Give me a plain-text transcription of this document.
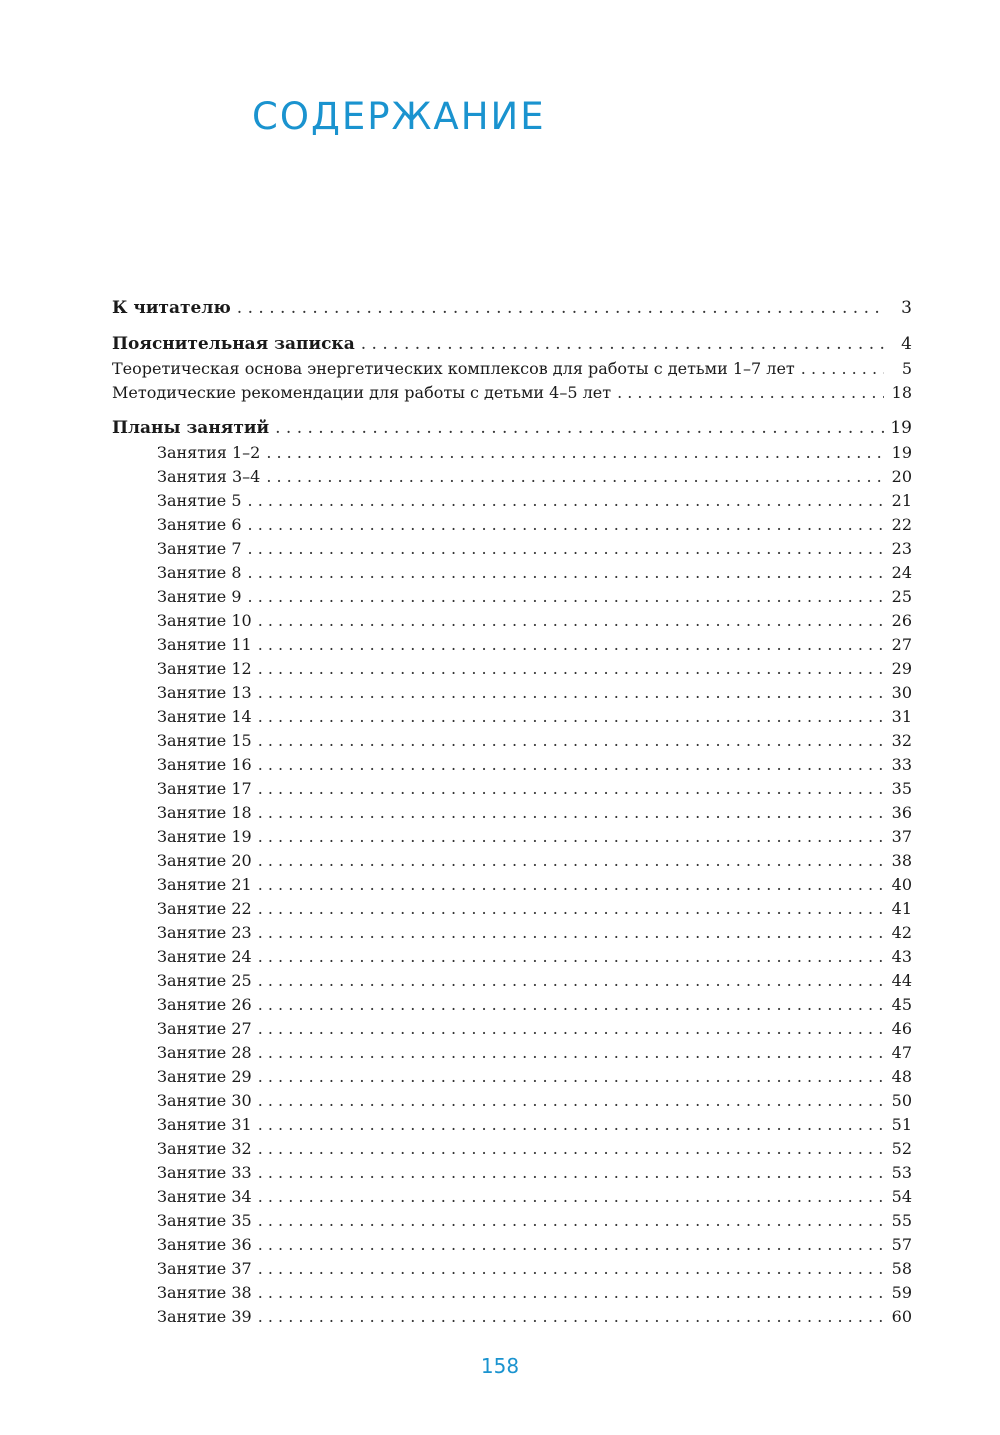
СОДЕРЖАНИЕ
К читателю . . .	3
Пояснительная записка . . .	4
Теоретическая основа энергетических комплексов для работы с детьми 1–7 лет . . .	5
Методические рекомендации для работы с детьми 4–5 лет . . .	18
Планы занятий . . .	19
Занятия 1–2 . . .	19
Занятия 3–4 . . .	20
Занятие 5 . . .	21
Занятие 6 . . .	22
Занятие 7 . . .	23
Занятие 8 . . .	24
Занятие 9 . . .	25
Занятие 10 . . .	26
Занятие 11 . . .	27
Занятие 12 . . .	29
Занятие 13 . . .	30
Занятие 14 . . .	31
Занятие 15 . . .	32
Занятие 16 . . .	33
Занятие 17 . . .	35
Занятие 18 . . .	36
Занятие 19 . . .	37
Занятие 20 . . .	38
Занятие 21 . . .	40
Занятие 22 . . .	41
Занятие 23 . . .	42
Занятие 24 . . .	43
Занятие 25 . . .	44
Занятие 26 . . .	45
Занятие 27 . . .	46
Занятие 28 . . .	47
Занятие 29 . . .	48
Занятие 30 . . .	50
Занятие 31 . . .	51
Занятие 32 . . .	52
Занятие 33 . . .	53
Занятие 34 . . .	54
Занятие 35 . . .	55
Занятие 36 . . .	57
Занятие 37 . . .	58
Занятие 38 . . .	59
Занятие 39 . . .	60
158
